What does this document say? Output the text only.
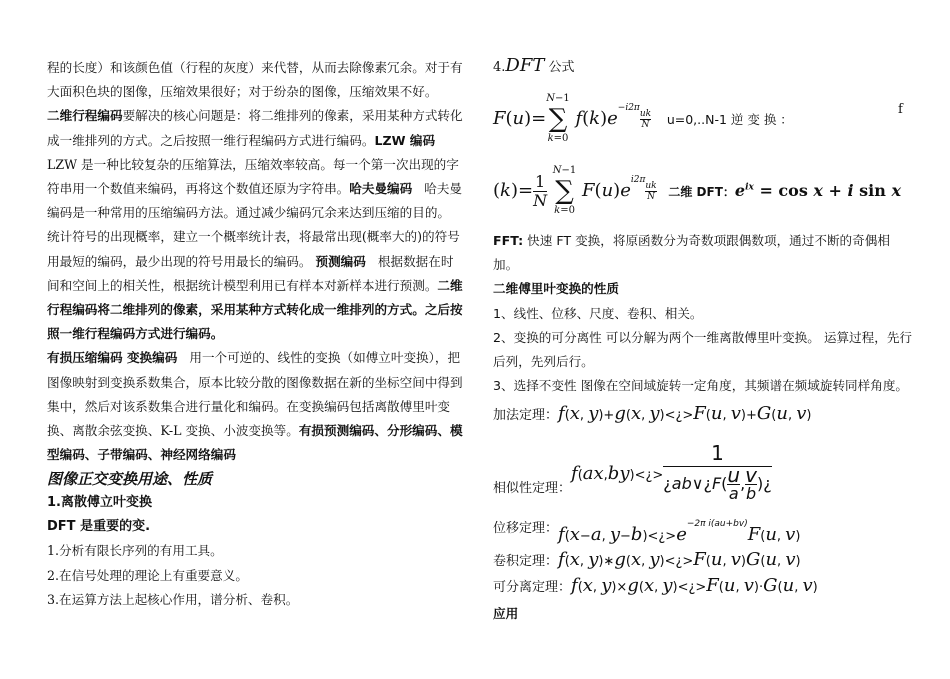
程的长度）和该颜色值（行程的灰度）来代替，从而去除像素冗余。对于有大面积色块的图像，压缩效果很好；对于纷杂的图像，压缩效果不好。

二维行程编码要解决的核心问题是：将二维排列的像素，采用某种方式转化成一维排列的方式。之后按照一维行程编码方式进行编码。LZW 编码

LZW 是一种比较复杂的压缩算法，压缩效率较高。每一个第一次出现的字符串用一个数值来编码，再将这个数值还原为字符串。哈夫曼编码 哈夫曼编码是一种常用的压缩编码方法。通过减少编码冗余来达到压缩的目的。 统计符号的出现概率，建立一个概率统计表，将最常出现(概率大的)的符号用最短的编码，最少出现的符号用最长的编码。 预测编码 根据数据在时间和空间上的相关性，根据统计模型利用已有样本对新样本进行预测。二维行程编码将二维排列的像素，采用某种方式转化成一维排列的方式。之后按照一维行程编码方式进行编码。

有损压缩编码 变换编码 用一个可逆的、线性的变换（如傅立叶变换），把图像映射到变换系数集合，原本比较分散的图像数据在新的坐标空间中得到集中，然后对该系数集合进行量化和编码。在变换编码包括离散傅里叶变换、离散余弦变换、K-L 变换、小波变换等。有损预测编码、分形编码、模型编码、子带编码、神经网络编码

图像正交变换用途、性质

1.离散傅立叶变换

DFT 是重要的变.

1.分析有限长序列的有用工具。

2.在信号处理的理论上有重要意义。

3.在运算方法上起核心作用，谱分析、卷积。

4.DFT 公式
F(u)=
N−1
∑
k=0
$f(k)e^{-i2\pi}$
$\frac{uk}{N} u=0,..N-1$ 逆 变 换 ：
f
$(k)= \frac{1}{N}$

N−1
∑
k=0
$F(u)e^{i2\pi}$
$\frac{uk}{N}$ 二维 DFT：$e^{ix} = \cos x + i$ sin x

FFT: 快速 FT 变换，将原函数分为奇数项跟偶数项，通过不断的奇偶相加。

二维傅里叶变换的性质

1、线性、位移、尺度、卷积、相关。

2、变换的可分离性 可以分解为两个一维离散傅里叶变换。 运算过程，先行后列，先列后行。

3、选择不变性 图像在空间域旋转一定角度，其频谱在频域旋转同样角度。

加法定理：f(x, y)+g(x, y)<¿>F(u, v)+G(u, v)
相似性定理：f(ax,by)<¿> $\frac{1}{¿ab\vee¿F( \frac{u}{a} , \frac{v}{b} )¿}$
位移定理：f(x−a, $y-b)<¿>e^{-2\pi i(au+bv)}F(u$, v)
卷积定理：f(x, y)∗g(x, y)<¿>F(u, v)G(u, v)
可分离定理：f(x, y)×g(x, y)<¿>F(u, v)·G(u, v)
应用
